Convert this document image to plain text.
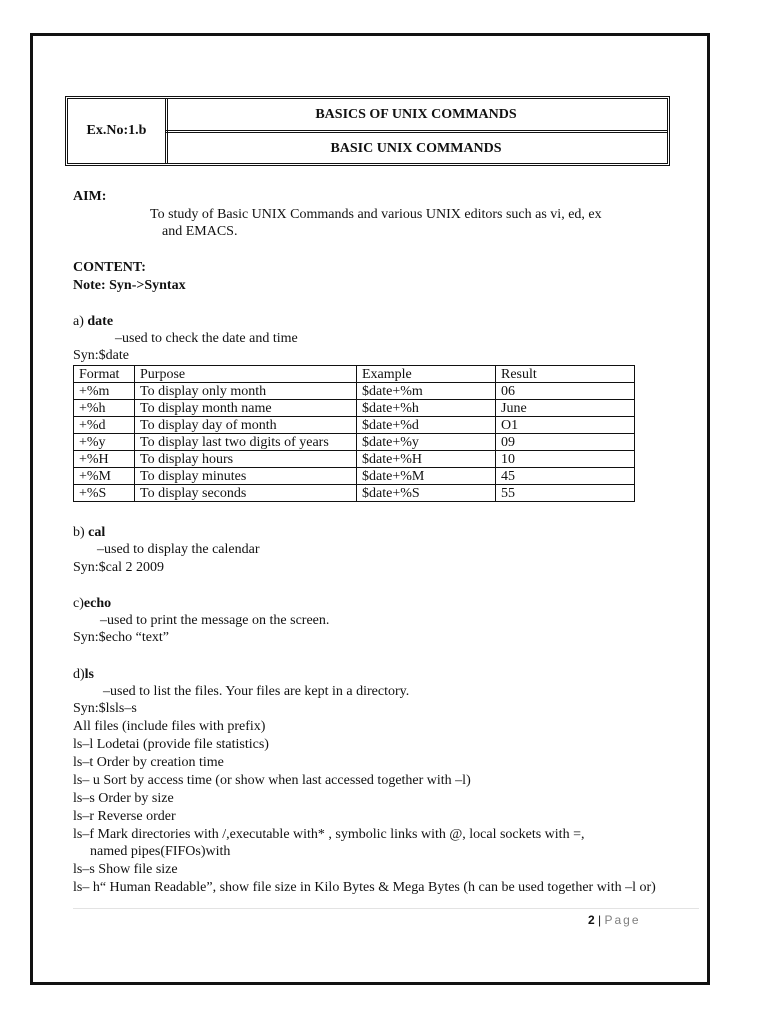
Ex.No:1.b
BASICS OF UNIX COMMANDS
BASIC UNIX COMMANDS
AIM:
To study of Basic UNIX Commands and various UNIX editors such as vi, ed, ex
and EMACS.
CONTENT:
Note: Syn->Syntax
a) date
–used to check the date and time
Syn:$date
Format	Purpose	Example	Result
+%m	To display only month	$date+%m	06
+%h	To display month name	$date+%h	June
+%d	To display day of month	$date+%d	O1
+%y	To display last two digits of years	$date+%y	09
+%H	To display hours	$date+%H	10
+%M	To display minutes	$date+%M	45
+%S	To display seconds	$date+%S	55
b) cal
–used to display the calendar
Syn:$cal 2 2009
c)echo
–used to print the message on the screen.
Syn:$echo “text”
d)ls
–used to list the files. Your files are kept in a directory.
Syn:$lsls–s
All files (include files with prefix)
ls–l Lodetai (provide file statistics)
ls–t Order by creation time
ls– u Sort by access time (or show when last accessed together with –l)
ls–s Order by size
ls–r Reverse order
ls–f Mark directories with /,executable with* , symbolic links with @, local sockets with =,
named pipes(FIFOs)with
ls–s Show file size
ls– h“ Human Readable”, show file size in Kilo Bytes & Mega Bytes (h can be used together with –l or)
2 | Page
